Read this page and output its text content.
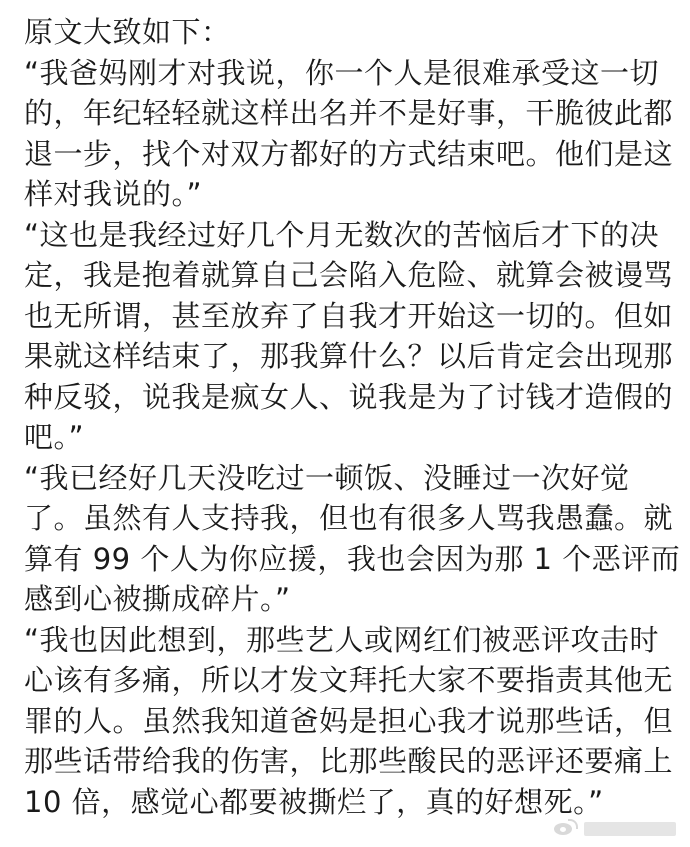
原文大致如下：
“我爸妈刚才对我说，你一个人是很难承受这一切
的，年纪轻轻就这样出名并不是好事，干脆彼此都
退一步，找个对双方都好的方式结束吧。他们是这
样对我说的。”
“这也是我经过好几个月无数次的苦恼后才下的决
定，我是抱着就算自己会陷入危险、就算会被谩骂
也无所谓，甚至放弃了自我才开始这一切的。但如
果就这样结束了，那我算什么？以后肯定会出现那
种反驳，说我是疯女人、说我是为了讨钱才造假的
吧。”
“我已经好几天没吃过一顿饭、没睡过一次好觉
了。虽然有人支持我，但也有很多人骂我愚蠢。就
算有 99 个人为你应援，我也会因为那 1 个恶评而
感到心被撕成碎片。”
“我也因此想到，那些艺人或网红们被恶评攻击时
心该有多痛，所以才发文拜托大家不要指责其他无
罪的人。虽然我知道爸妈是担心我才说那些话，但
那些话带给我的伤害，比那些酸民的恶评还要痛上
10 倍，感觉心都要被撕烂了，真的好想死。”
